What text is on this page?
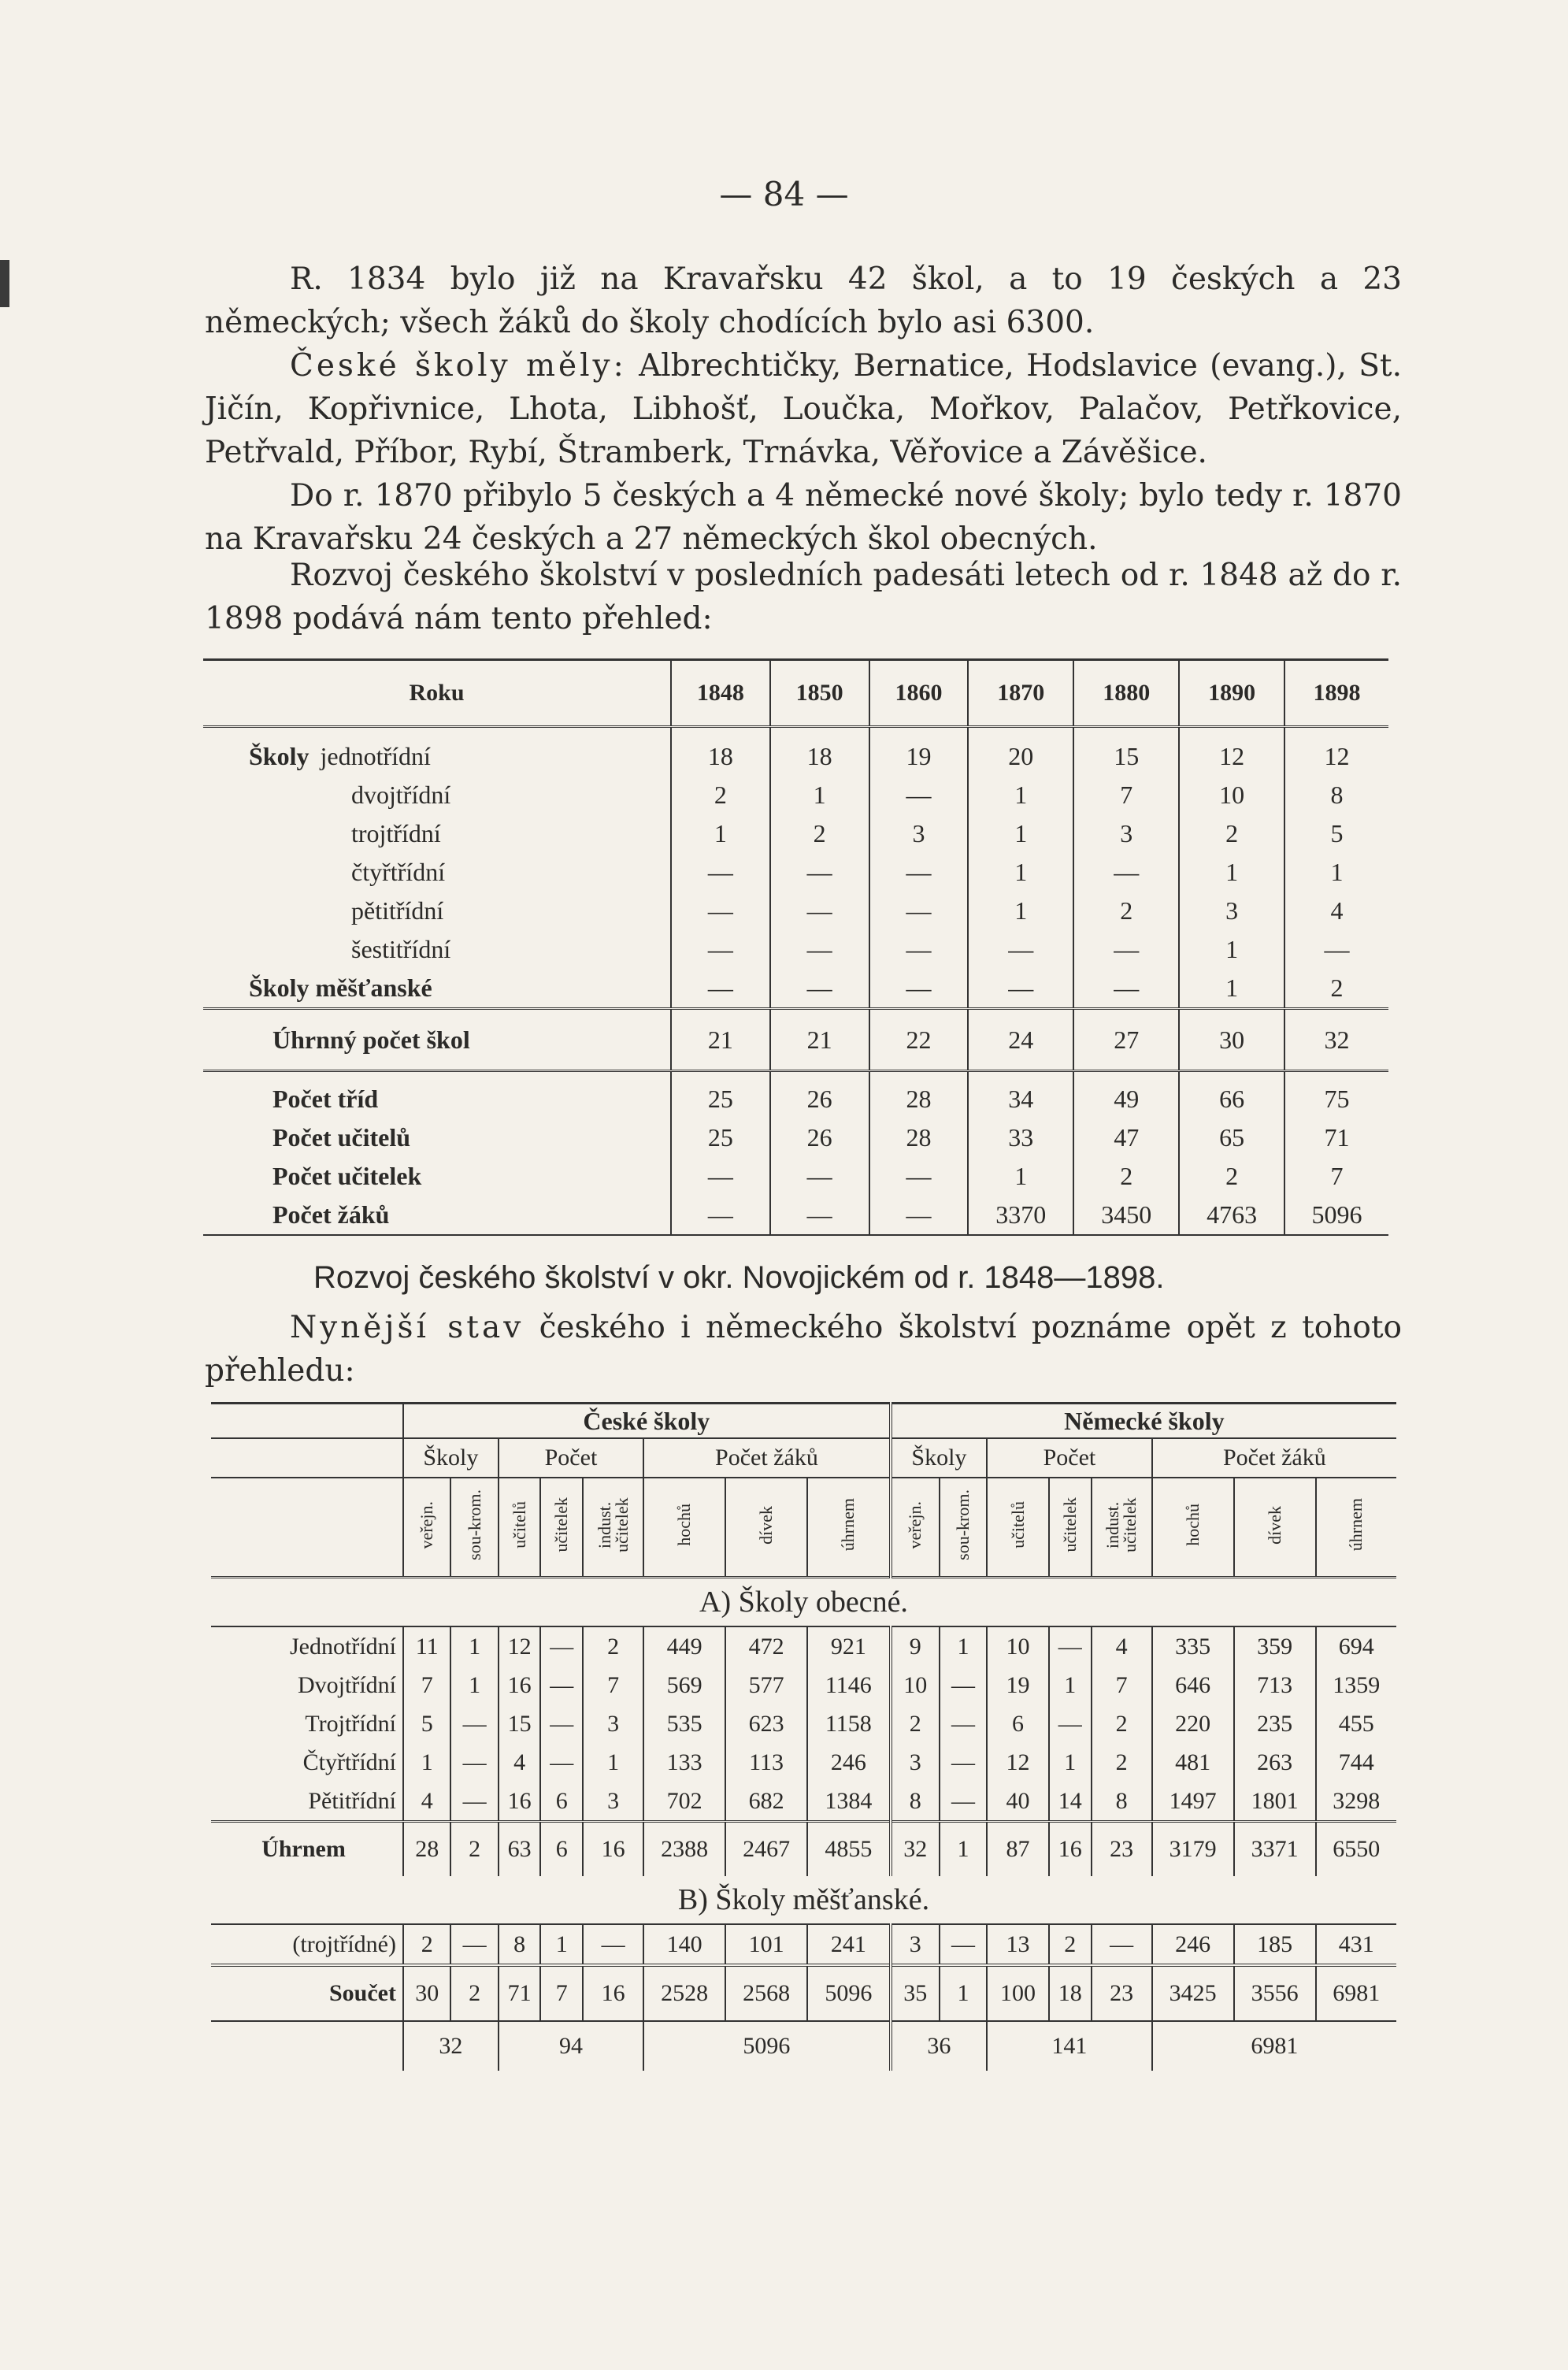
— 84 —
R. 1834 bylo již na Kravařsku 42 škol, a to 19 českých a 23 německých; všech žáků do školy chodících bylo asi 6300.
České školy měly: Albrechtičky, Bernatice, Hodslavice (evang.), St. Jičín, Kopřivnice, Lhota, Libhošť, Loučka, Mořkov, Palačov, Petřkovice, Petřvald, Příbor, Rybí, Štramberk, Trnávka, Věřovice a Závěšice.
Do r. 1870 přibylo 5 českých a 4 německé nové školy; bylo tedy r. 1870 na Kravařsku 24 českých a 27 německých škol obecných.
Rozvoj českého školství v posledních padesáti letech od r. 1848 až do r. 1898 podává nám tento přehled:
Roku	1848	1850	1860	1870	1880	1890	1898
Školy jednotřídní	18	18	19	20	15	12	12
dvojtřídní	2	1	—	1	7	10	8
trojtřídní	1	2	3	1	3	2	5
čtyřtřídní	—	—	—	1	—	1	1
pětitřídní	—	—	—	1	2	3	4
šestitřídní	—	—	—	—	—	1	—
Školy měšťanské	—	—	—	—	—	1	2
Úhrnný počet škol	21	21	22	24	27	30	32
Počet tříd	25	26	28	34	49	66	75
Počet učitelů	25	26	28	33	47	65	71
Počet učitelek	—	—	—	1	2	2	7
Počet žáků	—	—	—	3370	3450	4763	5096
Rozvoj českého školství v okr. Novojickém od r. 1848—1898.
Nynější stav českého i německého školství poznáme opět z tohoto přehledu:
	České školy								Německé školy							
	Školy		Počet			Počet žáků			Školy		Počet			Počet žáků		
	veřejn.	sou-krom.	učitelů	učitelek	indust. učitelek	hochů	dívek	úhrnem	veřejn.	sou-krom.	učitelů	učitelek	indust. učitelek	hochů	dívek	úhrnem
A) Školy obecné.																
Jednotřídní	11	1	12	—	2	449	472	921	9	1	10	—	4	335	359	694
Dvojtřídní	7	1	16	—	7	569	577	1146	10	—	19	1	7	646	713	1359
Trojtřídní	5	—	15	—	3	535	623	1158	2	—	6	—	2	220	235	455
Čtyřtřídní	1	—	4	—	1	133	113	246	3	—	12	1	2	481	263	744
Pětitřídní	4	—	16	6	3	702	682	1384	8	—	40	14	8	1497	1801	3298
Úhrnem	28	2	63	6	16	2388	2467	4855	32	1	87	16	23	3179	3371	6550
B) Školy měšťanské.																
(trojtřídné)	2	—	8	1	—	140	101	241	3	—	13	2	—	246	185	431
Součet	30	2	71	7	16	2528	2568	5096	35	1	100	18	23	3425	3556	6981
	32		94			5096			36		141			6981		
